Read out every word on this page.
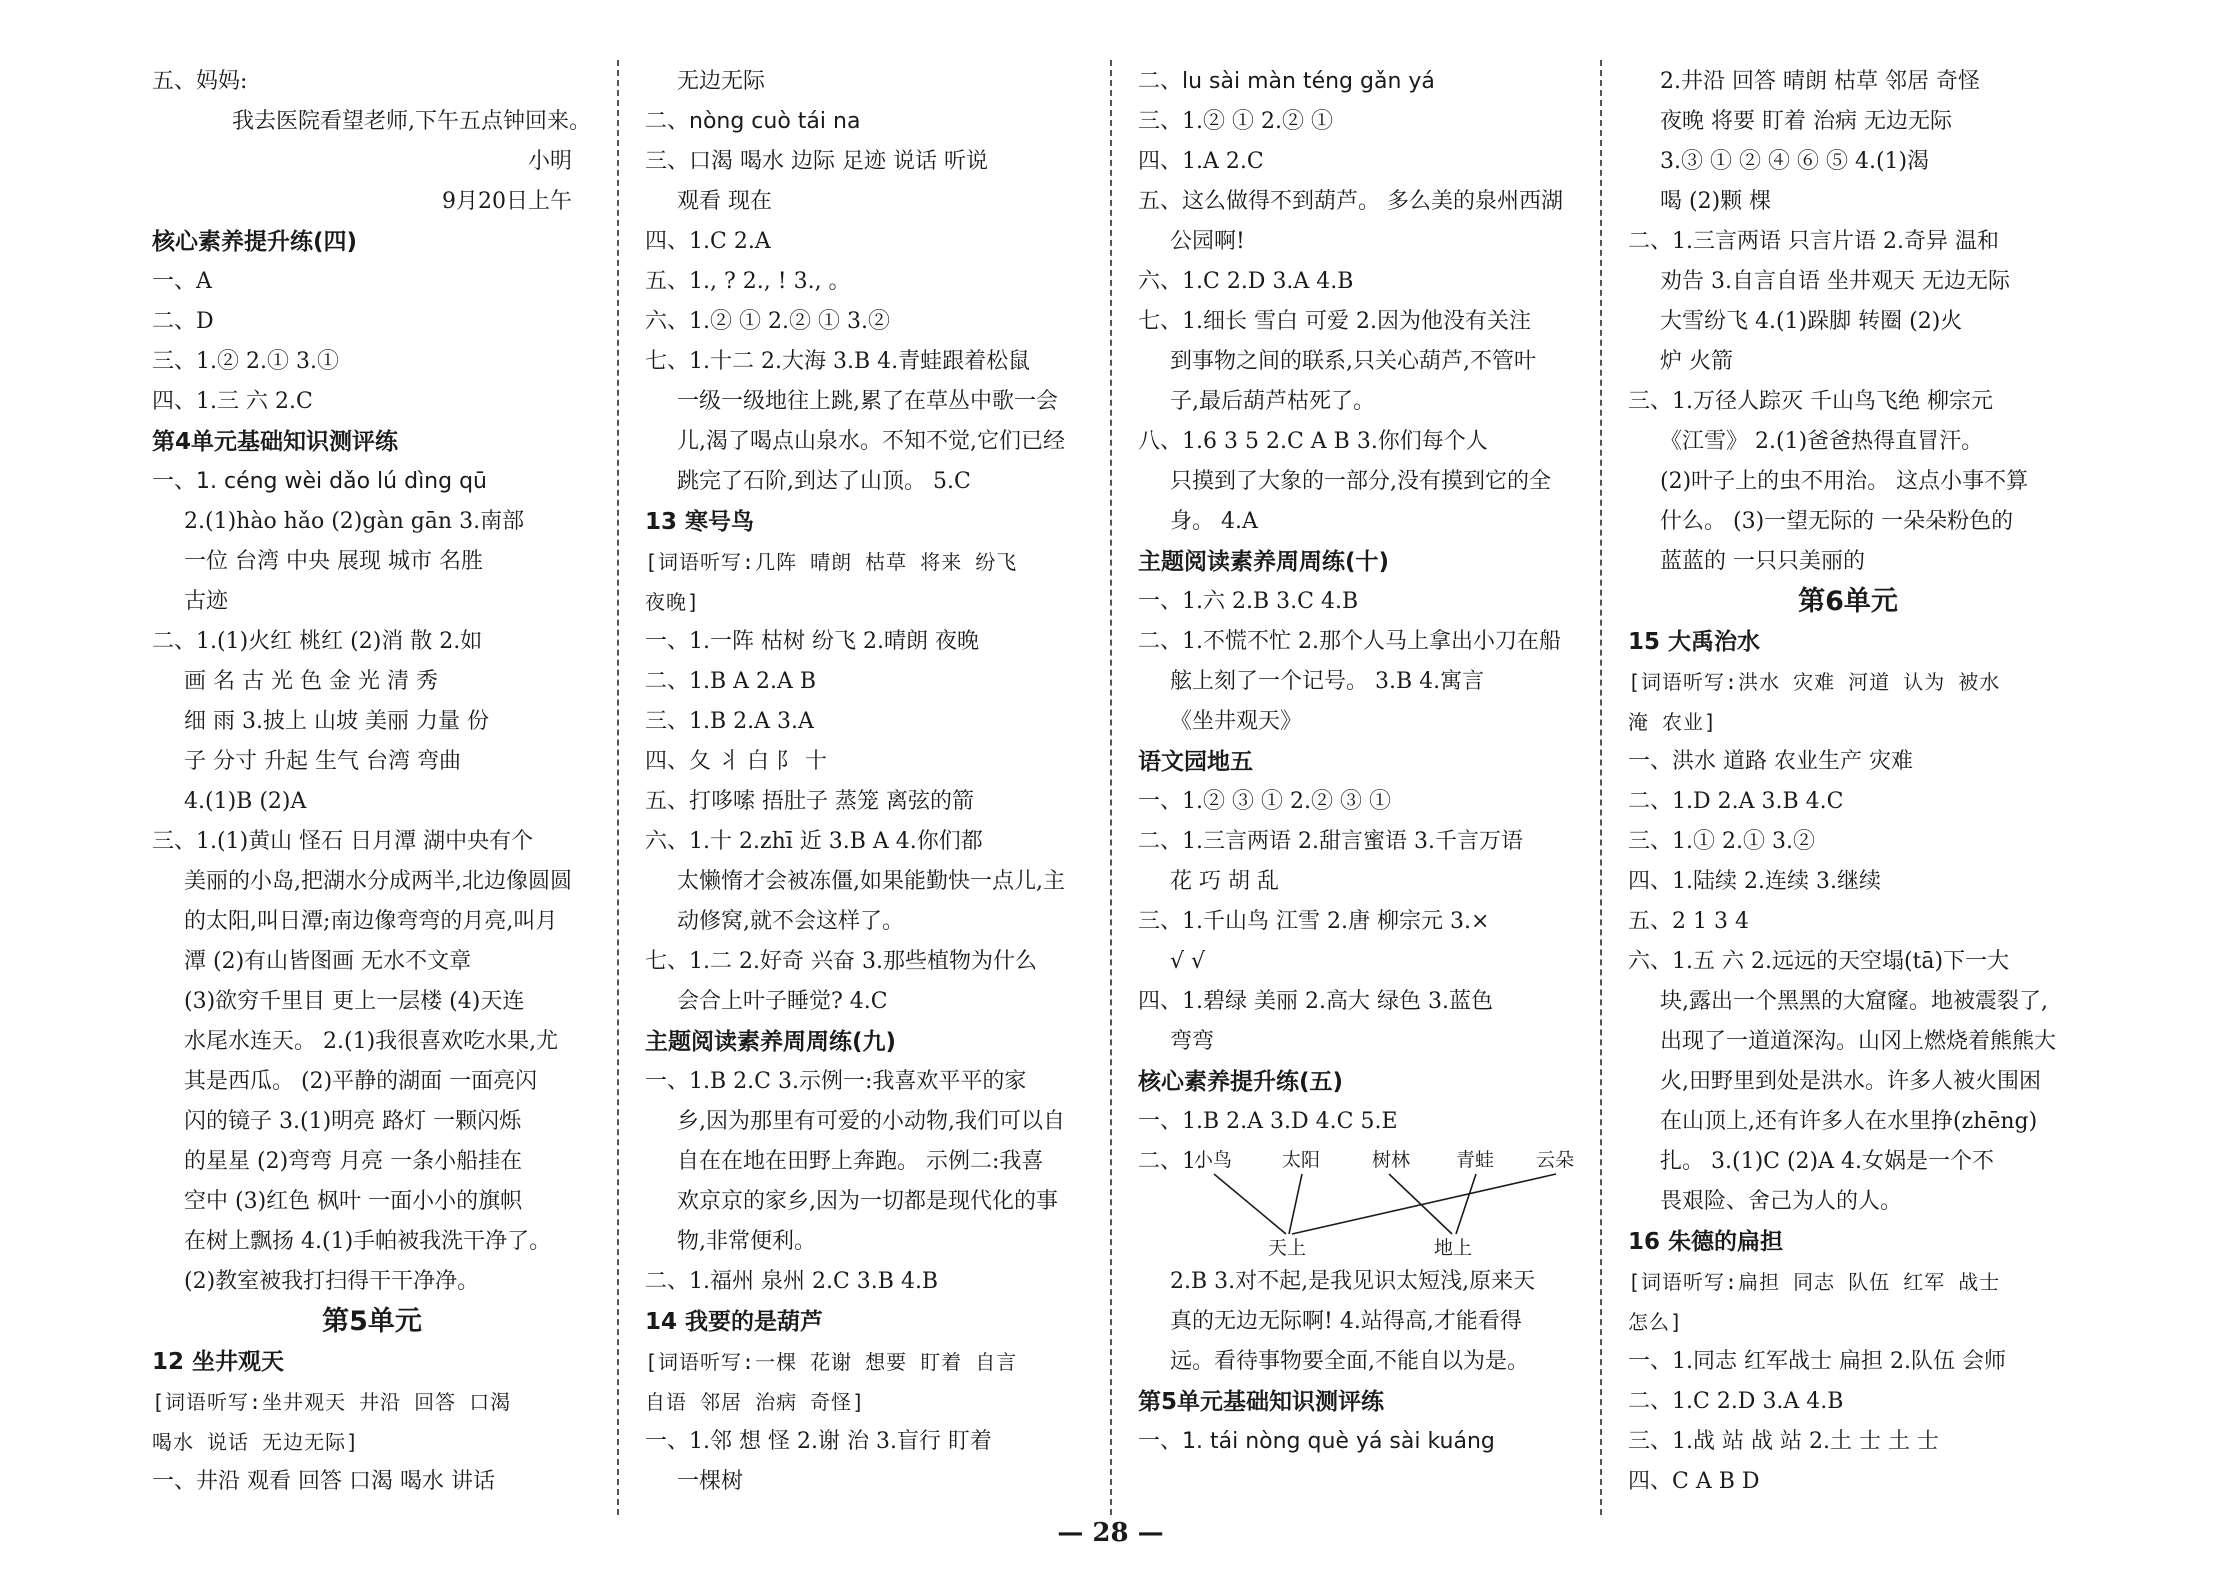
五、妈妈:
我去医院看望老师,下午五点钟回来。
小明
9月20日上午
核心素养提升练(四)
一、A
二、D
三、1.② 2.① 3.①
四、1.三 六 2.C
第4单元基础知识测评练
一、1. céng wèi dǎo lú dìng qū
2.(1)hào hǎo (2)gàn gān 3.南部
一位 台湾 中央 展现 城市 名胜
古迹
二、1.(1)火红 桃红 (2)消 散 2.如
画 名 古 光 色 金 光 清 秀
细 雨 3.披上 山坡 美丽 力量 份
子 分寸 升起 生气 台湾 弯曲
4.(1)B (2)A
三、1.(1)黄山 怪石 日月潭 湖中央有个
美丽的小岛,把湖水分成两半,北边像圆圆
的太阳,叫日潭;南边像弯弯的月亮,叫月
潭 (2)有山皆图画 无水不文章
(3)欲穷千里目 更上一层楼 (4)天连
水尾水连天。 2.(1)我很喜欢吃水果,尤
其是西瓜。 (2)平静的湖面 一面亮闪
闪的镜子 3.(1)明亮 路灯 一颗闪烁
的星星 (2)弯弯 月亮 一条小船挂在
空中 (3)红色 枫叶 一面小小的旗帜
在树上飘扬 4.(1)手帕被我洗干净了。
(2)教室被我打扫得干干净净。
第5单元
12 坐井观天
[词语听写:坐井观天 井沿 回答 口渴
喝水 说话 无边无际]
一、井沿 观看 回答 口渴 喝水 讲话
无边无际
二、nòng cuò tái na
三、口渴 喝水 边际 足迹 说话 听说
观看 现在
四、1.C 2.A
五、1., ? 2., ! 3., 。
六、1.② ① 2.② ① 3.②
七、1.十二 2.大海 3.B 4.青蛙跟着松鼠
一级一级地往上跳,累了在草丛中歌一会
儿,渴了喝点山泉水。不知不觉,它们已经
跳完了石阶,到达了山顶。 5.C
13 寒号鸟
[词语听写:几阵 晴朗 枯草 将来 纷飞
夜晚]
一、1.一阵 枯树 纷飞 2.晴朗 夜晚
二、1.B A 2.A B
三、1.B 2.A 3.A
四、夂 丬 白 阝 十
五、打哆嗦 捂肚子 蒸笼 离弦的箭
六、1.十 2.zhī 近 3.B A 4.你们都
太懒惰才会被冻僵,如果能勤快一点儿,主
动修窝,就不会这样了。
七、1.二 2.好奇 兴奋 3.那些植物为什么
会合上叶子睡觉? 4.C
主题阅读素养周周练(九)
一、1.B 2.C 3.示例一:我喜欢平平的家
乡,因为那里有可爱的小动物,我们可以自
自在在地在田野上奔跑。 示例二:我喜
欢京京的家乡,因为一切都是现代化的事
物,非常便利。
二、1.福州 泉州 2.C 3.B 4.B
14 我要的是葫芦
[词语听写:一棵 花谢 想要 盯着 自言
自语 邻居 治病 奇怪]
一、1.邻 想 怪 2.谢 治 3.盲行 盯着
一棵树
二、lu sài màn téng gǎn yá
三、1.② ① 2.② ①
四、1.A 2.C
五、这么做得不到葫芦。 多么美的泉州西湖
公园啊!
六、1.C 2.D 3.A 4.B
七、1.细长 雪白 可爱 2.因为他没有关注
到事物之间的联系,只关心葫芦,不管叶
子,最后葫芦枯死了。
八、1.6 3 5 2.C A B 3.你们每个人
只摸到了大象的一部分,没有摸到它的全
身。 4.A
主题阅读素养周周练(十)
一、1.六 2.B 3.C 4.B
二、1.不慌不忙 2.那个人马上拿出小刀在船
舷上刻了一个记号。 3.B 4.寓言
《坐井观天》
语文园地五
一、1.② ③ ① 2.② ③ ①
二、1.三言两语 2.甜言蜜语 3.千言万语
花 巧 胡 乱
三、1.千山鸟 江雪 2.唐 柳宗元 3.×
√ √
四、1.碧绿 美丽 2.高大 绿色 3.蓝色
弯弯
核心素养提升练(五)
一、1.B 2.A 3.D 4.C 5.E
二、1.
小鸟	太阳	树林 青蛙 云朵
天上	地上
2.B 3.对不起,是我见识太短浅,原来天
真的无边无际啊! 4.站得高,才能看得
远。看待事物要全面,不能自以为是。
第5单元基础知识测评练
一、1. tái nòng què yá sài kuáng
2.井沿 回答 晴朗 枯草 邻居 奇怪
夜晚 将要 盯着 治病 无边无际
3.③ ① ② ④ ⑥ ⑤ 4.(1)渴
喝 (2)颗 棵
二、1.三言两语 只言片语 2.奇异 温和
劝告 3.自言自语 坐井观天 无边无际
大雪纷飞 4.(1)跺脚 转圈 (2)火
炉 火箭
三、1.万径人踪灭 千山鸟飞绝 柳宗元
《江雪》 2.(1)爸爸热得直冒汗。
(2)叶子上的虫不用治。 这点小事不算
什么。 (3)一望无际的 一朵朵粉色的
蓝蓝的 一只只美丽的
第6单元
15 大禹治水
[词语听写:洪水 灾难 河道 认为 被水
淹 农业]
一、洪水 道路 农业生产 灾难
二、1.D 2.A 3.B 4.C
三、1.① 2.① 3.②
四、1.陆续 2.连续 3.继续
五、2 1 3 4
六、1.五 六 2.远远的天空塌(tā)下一大
块,露出一个黑黑的大窟窿。地被震裂了,
出现了一道道深沟。山冈上燃烧着熊熊大
火,田野里到处是洪水。许多人被火围困
在山顶上,还有许多人在水里挣(zhēng)
扎。 3.(1)C (2)A 4.女娲是一个不
畏艰险、舍己为人的人。
16 朱德的扁担
[词语听写:扁担 同志 队伍 红军 战士
怎么]
一、1.同志 红军战士 扁担 2.队伍 会师
二、1.C 2.D 3.A 4.B
三、1.战 站 战 站 2.土 士 土 士
四、C A B D
— 28 —
